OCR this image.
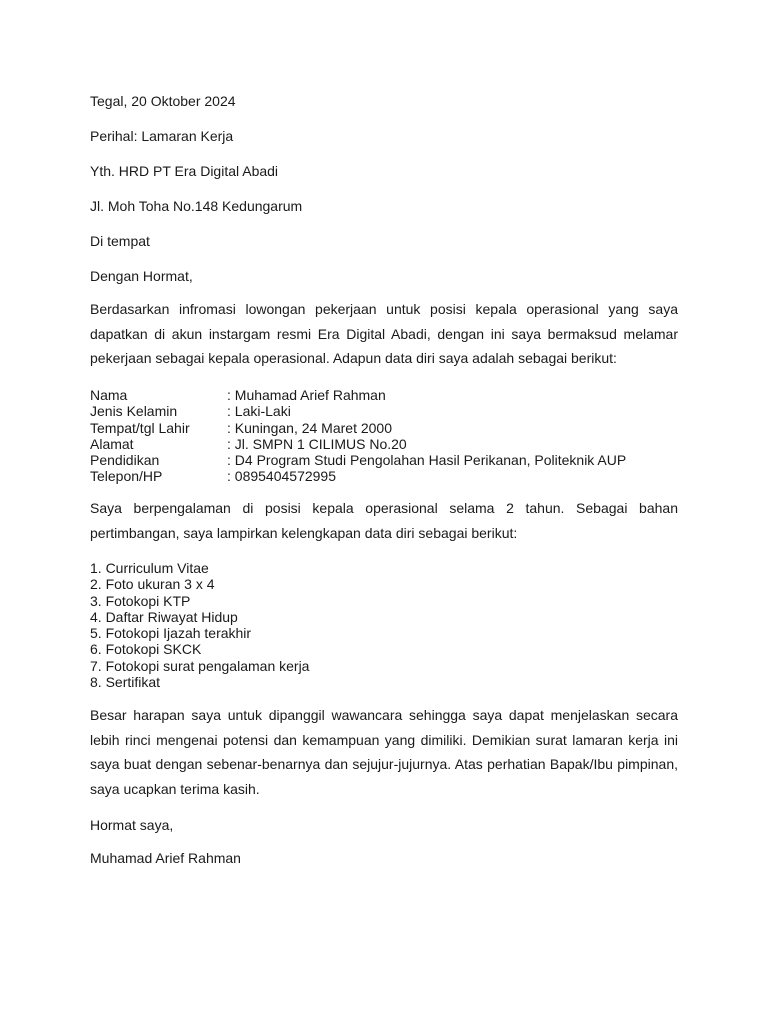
Tegal, 20 Oktober 2024

Perihal: Lamaran Kerja

Yth. HRD PT Era Digital Abadi

Jl. Moh Toha No.148 Kedungarum

Di tempat

Dengan Hormat,

Berdasarkan infromasi lowongan pekerjaan untuk posisi kepala operasional yang saya dapatkan di akun instargam resmi Era Digital Abadi, dengan ini saya bermaksud melamar pekerjaan sebagai kepala operasional. Adapun data diri saya adalah sebagai berikut:

Nama	: Muhamad Arief Rahman
Jenis Kelamin	: Laki-Laki
Tempat/tgl Lahir	: Kuningan, 24 Maret 2000
Alamat	: Jl. SMPN 1 CILIMUS No.20
Pendidikan	: D4 Program Studi Pengolahan Hasil Perikanan, Politeknik AUP
Telepon/HP	: 0895404572995

Saya berpengalaman di posisi kepala operasional selama 2 tahun. Sebagai bahan pertimbangan, saya lampirkan kelengkapan data diri sebagai berikut:

1. Curriculum Vitae
2. Foto ukuran 3 x 4
3. Fotokopi KTP
4. Daftar Riwayat Hidup
5. Fotokopi Ijazah terakhir
6. Fotokopi SKCK
7. Fotokopi surat pengalaman kerja
8. Sertifikat

Besar harapan saya untuk dipanggil wawancara sehingga saya dapat menjelaskan secara lebih rinci mengenai potensi dan kemampuan yang dimiliki. Demikian surat lamaran kerja ini saya buat dengan sebenar-benarnya dan sejujur-jujurnya. Atas perhatian Bapak/Ibu pimpinan, saya ucapkan terima kasih.

Hormat saya,

Muhamad Arief Rahman
